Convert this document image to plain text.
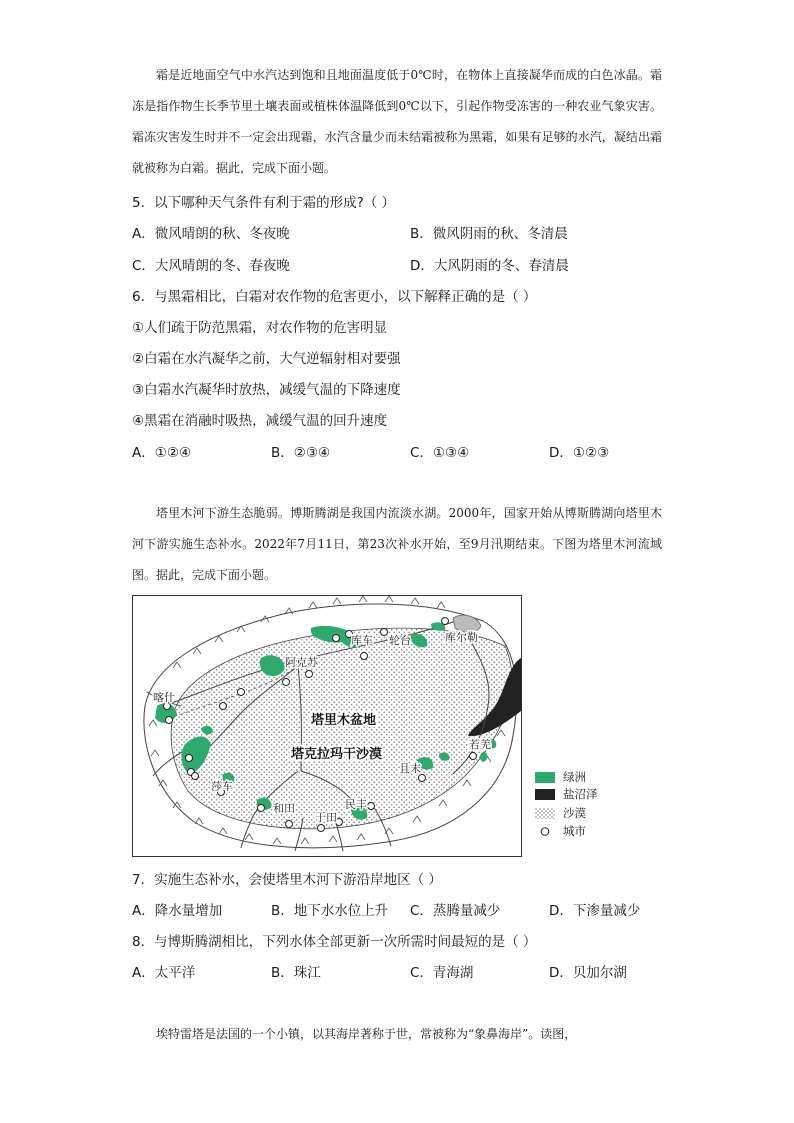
霜是近地面空气中水汽达到饱和且地面温度低于0℃时，在物体上直接凝华而成的白色冰晶。霜冻是指作物生长季节里土壤表面或植株体温降低到0℃以下，引起作物受冻害的一种农业气象灾害。霜冻灾害发生时并不一定会出现霜，水汽含量少而未结霜被称为黑霜，如果有足够的水汽，凝结出霜就被称为白霜。据此，完成下面小题。
5．以下哪种天气条件有利于霜的形成?（ ）
A．微风晴朗的秋、冬夜晚	B．微风阴雨的秋、冬清晨
C．大风晴朗的冬、春夜晚	D．大风阴雨的冬、春清晨
6．与黑霜相比，白霜对农作物的危害更小，以下解释正确的是（ ）
①人们疏于防范黑霜，对农作物的危害明显
②白霜在水汽凝华之前，大气逆辐射相对要强
③白霜水汽凝华时放热，减缓气温的下降速度
④黑霜在消融时吸热，减缓气温的回升速度
A．①②④	B．②③④	C．①③④	D．①②③
塔里木河下游生态脆弱。博斯腾湖是我国内流淡水湖。2000年，国家开始从博斯腾湖向塔里木河下游实施生态补水。2022年7月11日，第23次补水开始，至9月汛期结束。下图为塔里木河流域图。据此，完成下面小题。
喀什
阿克苏
库车 轮台	库尔勒
莎车
和田
于田
民丰
且末
若羌
塔里木盆地
塔克拉玛干沙漠
绿洲
盐沼泽
沙漠
城市
7．实施生态补水，会使塔里木河下游沿岸地区（ ）
A．降水量增加	B．地下水水位上升 C．蒸腾量减少	D．下渗量减少
8．与博斯腾湖相比，下列水体全部更新一次所需时间最短的是（ ）
A．太平洋	B．珠江	C．青海湖	D．贝加尔湖
埃特雷塔是法国的一个小镇，以其海岸著称于世，常被称为“象鼻海岸”。读图，
